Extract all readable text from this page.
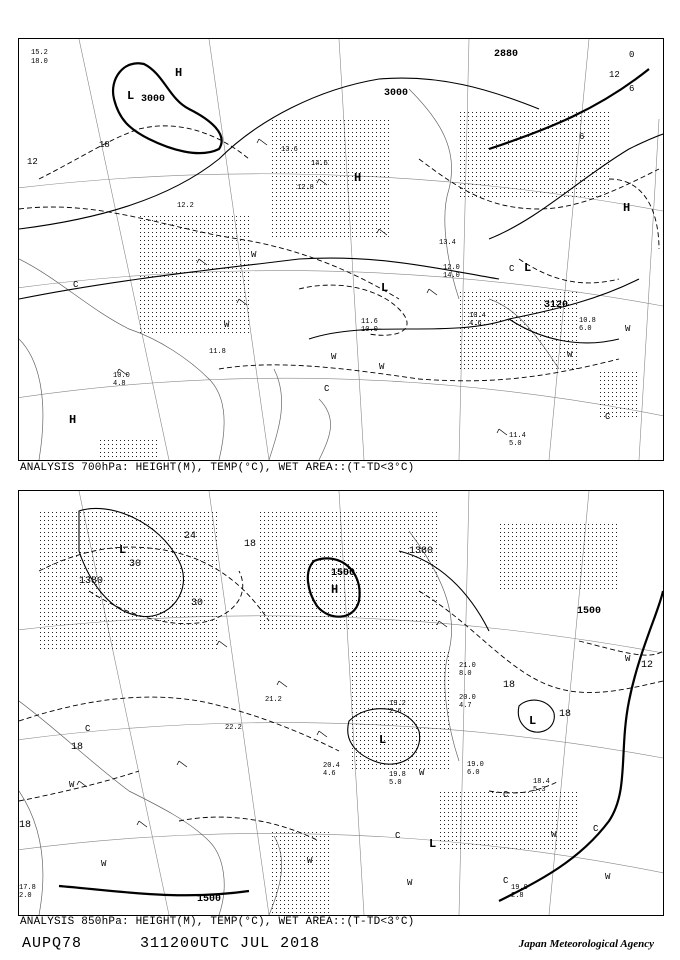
3000
3000
2880
3120
18
12
6
0
12
6
H
L
H
H
L
L
H
C
C
C
C
W
W
W
W
W
W
15.2
18.0
13.6
14.6
12.8
12.2
13.4
11.6
10.0
10.8
6.0
11.4
5.0
10.4
4.6
11.8
10.0
4.8
12.0
14.0
ANALYSIS 700hPa: HEIGHT(M), TEMP(°C), WET AREA::(T-TD<3°C)
1500
1500
1500
1380
1380
24
30
30
18
18
18
18
12
18
L
H
L
L
L
C
C
C
C
C
W
W	W
W
W
W
W
W
19.0
6.0
18.4
5.3
19.8
5.0
20.0
4.7
20.4
4.6
21.0
8.0
19.2
2.6
17.8
2.0
19.0
2.8
22.2
21.2
ANALYSIS 850hPa: HEIGHT(M), TEMP(°C), WET AREA::(T-TD<3°C)
AUPQ78	311200UTC JUL 2018	Japan Meteorological Agency
